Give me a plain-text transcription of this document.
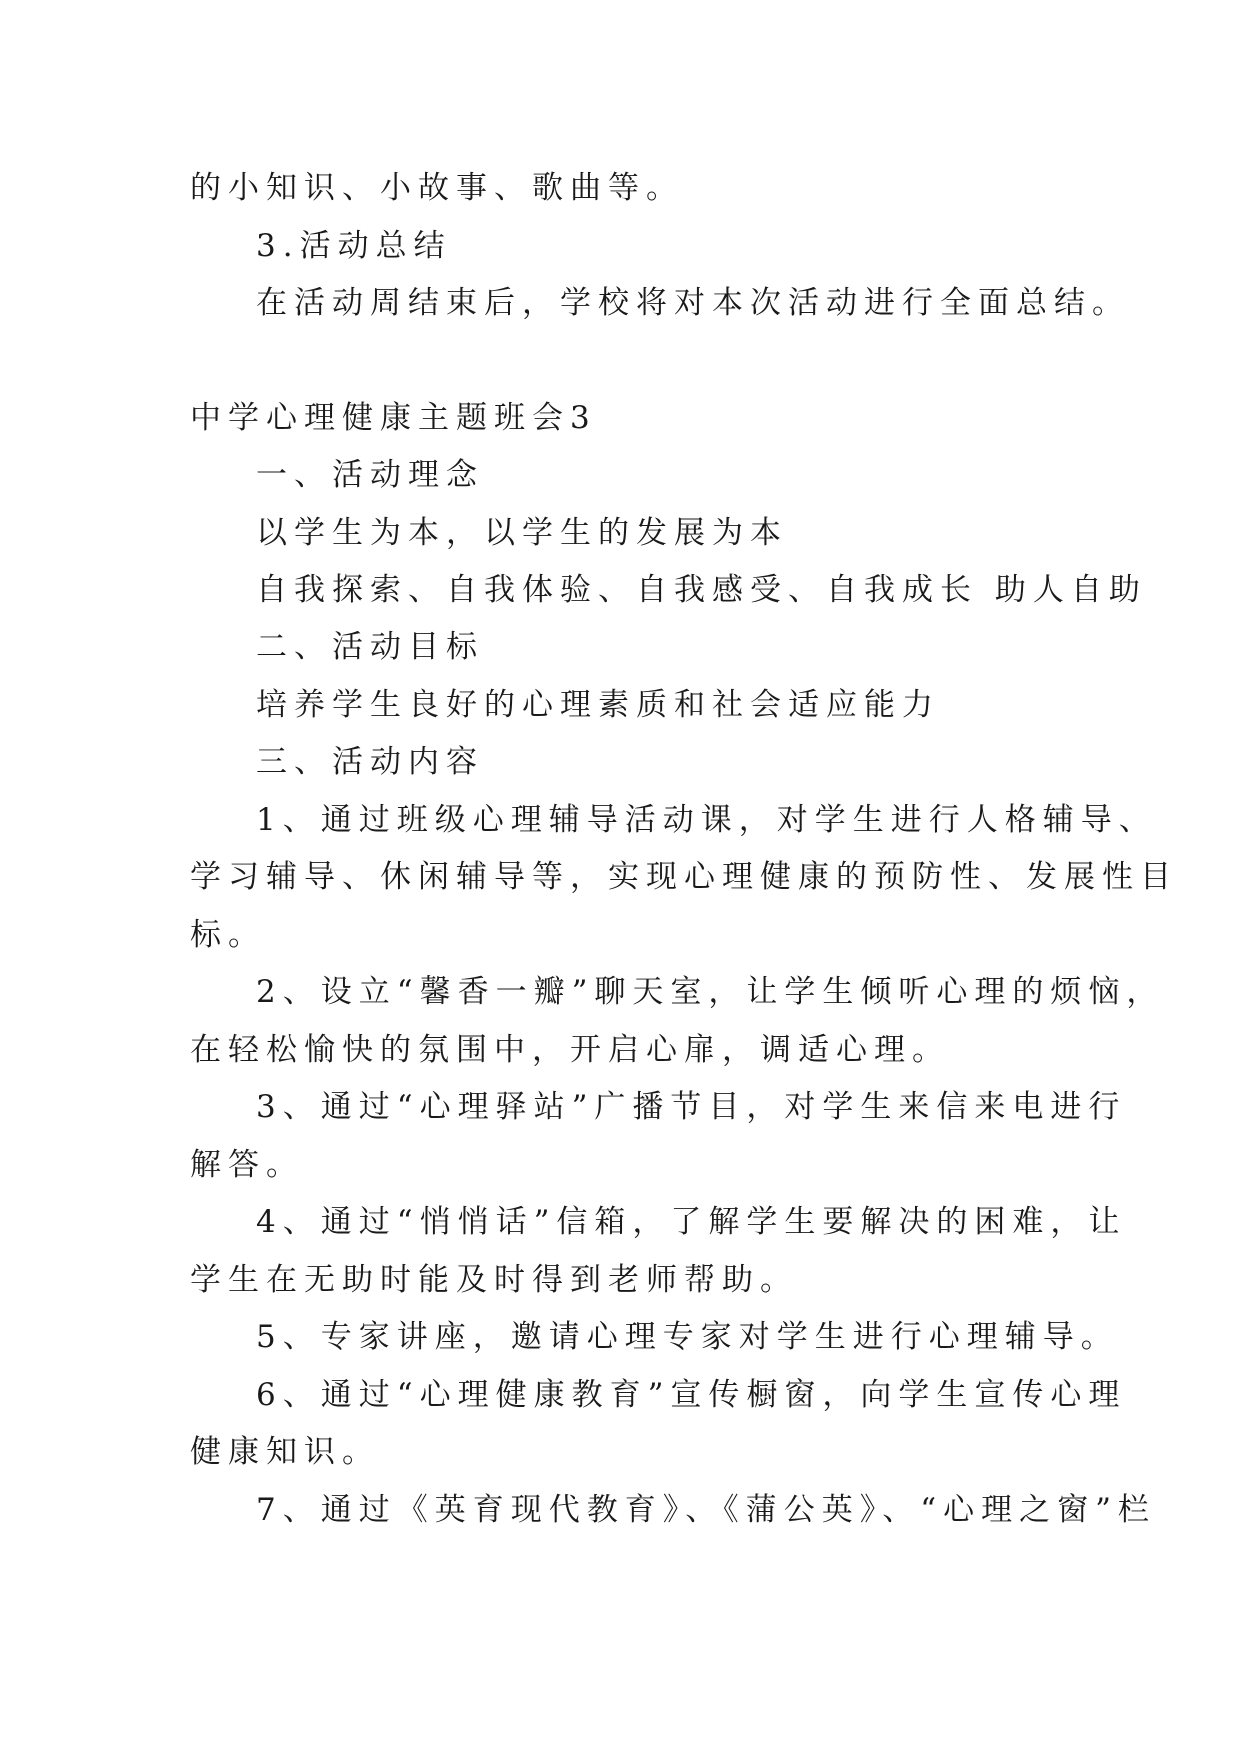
的小知识、小故事、歌曲等。
3.活动总结
在活动周结束后，学校将对本次活动进行全面总结。
中学心理健康主题班会3
一、活动理念
以学生为本，以学生的发展为本
自我探索、自我体验、自我感受、自我成长 助人自助
二、活动目标
培养学生良好的心理素质和社会适应能力
三、活动内容
1、通过班级心理辅导活动课，对学生进行人格辅导、
学习辅导、休闲辅导等，实现心理健康的预防性、发展性目
标。
2、设立“馨香一瓣”聊天室，让学生倾听心理的烦恼，
在轻松愉快的氛围中，开启心扉，调适心理。
3、通过“心理驿站”广播节目，对学生来信来电进行
解答。
4、通过“悄悄话”信箱，了解学生要解决的困难，让
学生在无助时能及时得到老师帮助。
5、专家讲座，邀请心理专家对学生进行心理辅导。
6、通过“心理健康教育”宣传橱窗，向学生宣传心理
健康知识。
7、通过《英育现代教育》、《蒲公英》、“心理之窗”栏
